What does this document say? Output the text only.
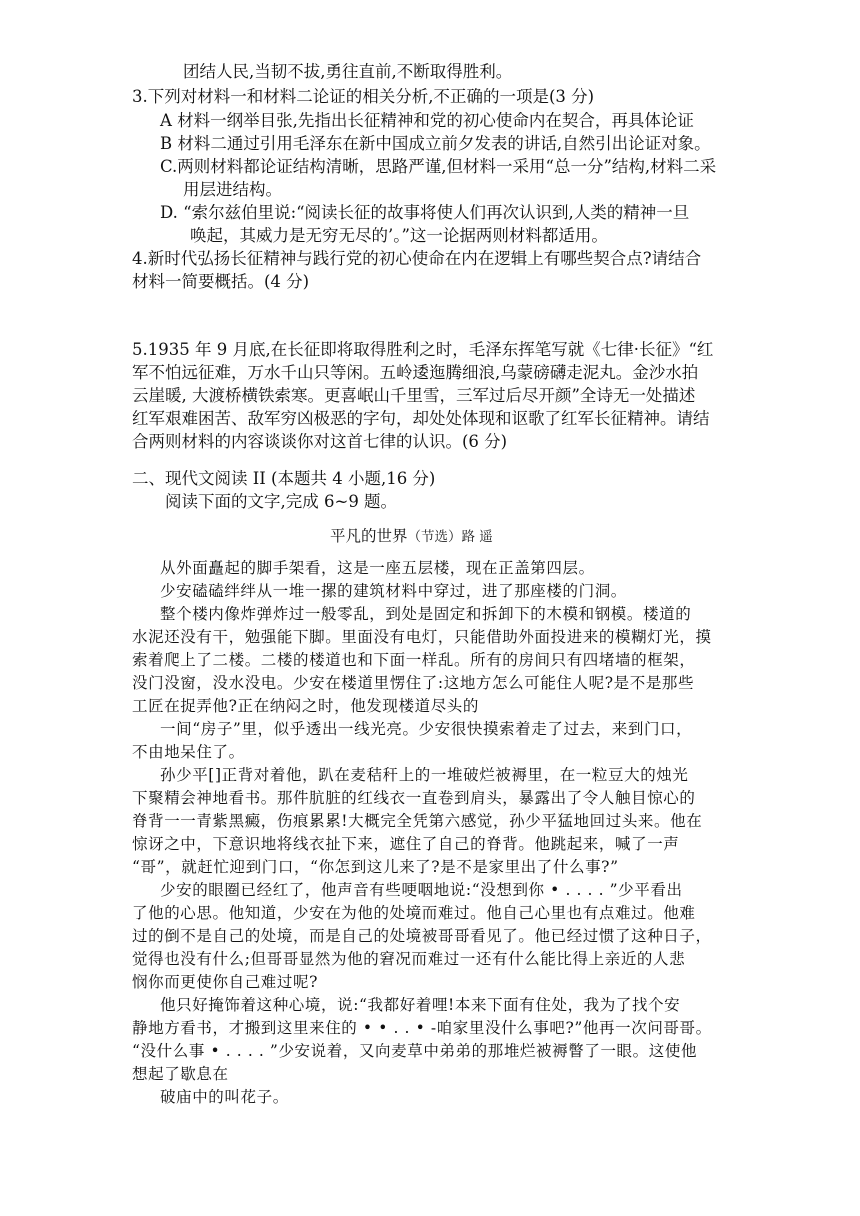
团结人民,当韧不拔,勇往直前,不断取得胜利。
3.下列对材料一和材料二论证的相关分析,不正确的一项是(3 分)
A 材料一纲举目张,先指出长征精神和党的初心使命内在契合，再具体论证
B 材料二通过引用毛泽东在新中国成立前夕发表的讲话,自然引出论证对象。
C.两则材料都论证结构清晰，思路严谨,但材料一采用“总一分”结构,材料二采
用层进结构。
D. “索尔兹伯里说:“阅读长征的故事将使人们再次认识到,人类的精神一旦
唤起，其威力是无穷无尽的’。”这一论据两则材料都适用。
4.新时代弘扬长征精神与践行党的初心使命在内在逻辑上有哪些契合点?请结合
材料一简要概括。(4 分)
5.1935 年 9 月底,在长征即将取得胜利之时，毛泽东挥笔写就《七律·长征》“红
军不怕远征难，万水千山只等闲。五岭逶迤腾细浪,乌蒙磅礴走泥丸。金沙水拍
云崖暖, 大渡桥横铁索寒。更喜岷山千里雪，三军过后尽开颜”全诗无一处描述
红军艰难困苦、敌军穷凶极恶的字句，却处处体现和讴歌了红军长征精神。请结
合两则材料的内容谈谈你对这首七律的认识。(6 分)
二、现代文阅读 II (本题共 4 小题,16 分)
阅读下面的文字,完成 6~9 题。
平凡的世界（节选）路 遥
从外面矗起的脚手架看，这是一座五层楼，现在正盖第四层。
少安磕磕绊绊从一堆一摞的建筑材料中穿过，进了那座楼的门洞。
整个楼内像炸弹炸过一般零乱，到处是固定和拆卸下的木模和钢模。楼道的
水泥还没有干，勉强能下脚。里面没有电灯，只能借助外面投进来的模糊灯光，摸
索着爬上了二楼。二楼的楼道也和下面一样乱。所有的房间只有四堵墙的框架，
没门没窗，没水没电。少安在楼道里愣住了:这地方怎么可能住人呢?是不是那些
工匠在捉弄他?正在纳闷之时，他发现楼道尽头的
一间“房子”里，似乎透出一线光亮。少安很快摸索着走了过去，来到门口，
不由地呆住了。
孙少平[]正背对着他，趴在麦秸秆上的一堆破烂被褥里，在一粒豆大的烛光
下聚精会神地看书。那件肮脏的红线衣一直卷到肩头，暴露出了令人触目惊心的
脊背一一青紫黑癜，伤痕累累!大概完全凭第六感觉，孙少平猛地回过头来。他在
惊讶之中，下意识地将线衣扯下来，遮住了自己的脊背。他跳起来，喊了一声
“哥”，就赶忙迎到门口，“你怎到这儿来了?是不是家里出了什么事?”
少安的眼圈已经红了，他声音有些哽咽地说:“没想到你 • . . . . ”少平看出
了他的心思。他知道，少安在为他的处境而难过。他自己心里也有点难过。他难
过的倒不是自己的处境，而是自己的处境被哥哥看见了。他已经过惯了这种日子，
觉得也没有什么;但哥哥显然为他的窘况而难过一还有什么能比得上亲近的人悲
悯你而更使你自己难过呢?
他只好掩饰着这种心境，说:“我都好着哩!本来下面有住处，我为了找个安
静地方看书，才搬到这里来住的 • • . . • -咱家里没什么事吧?”他再一次问哥哥。
“没什么事 • . . . . ”少安说着，又向麦草中弟弟的那堆烂被褥瞥了一眼。这使他
想起了歇息在
破庙中的叫花子。
